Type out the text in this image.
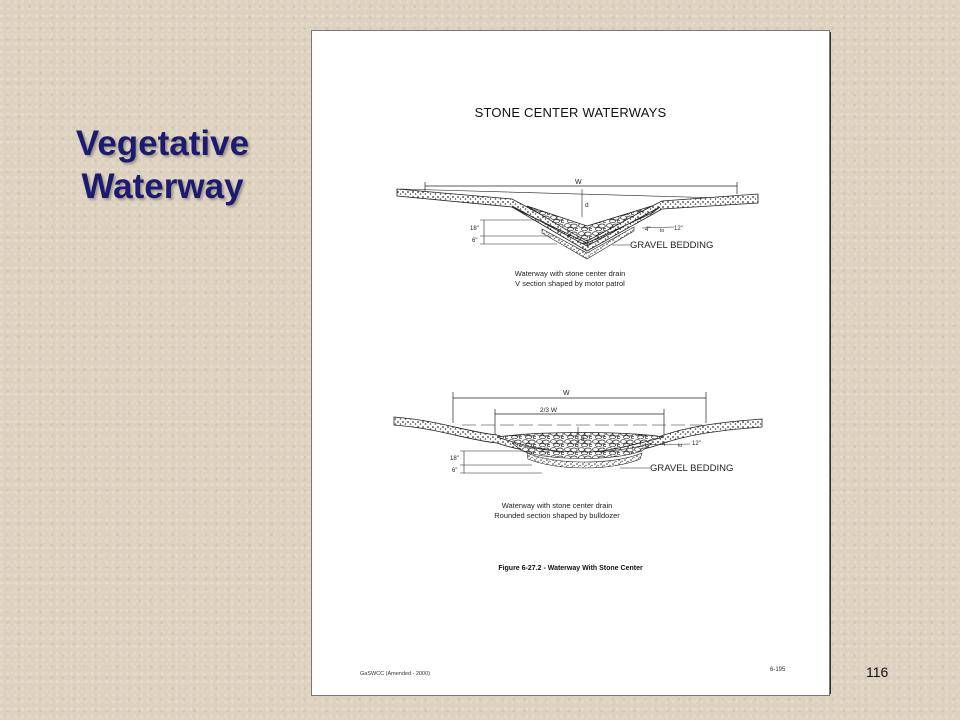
Vegetative
Waterway
STONE CENTER WATERWAYS
W
d
18"
6"
4" to 12"
GRAVEL BEDDING
W
2/3 W
d
18"
6"
4" to 12"
GRAVEL BEDDING
Waterway with stone center drain
V section shaped by motor patrol
Waterway with stone center drain
Rounded section shaped by bulldozer
Figure 6-27.2 - Waterway With Stone Center
GaSWCC (Amended - 2000)
6-195	116
